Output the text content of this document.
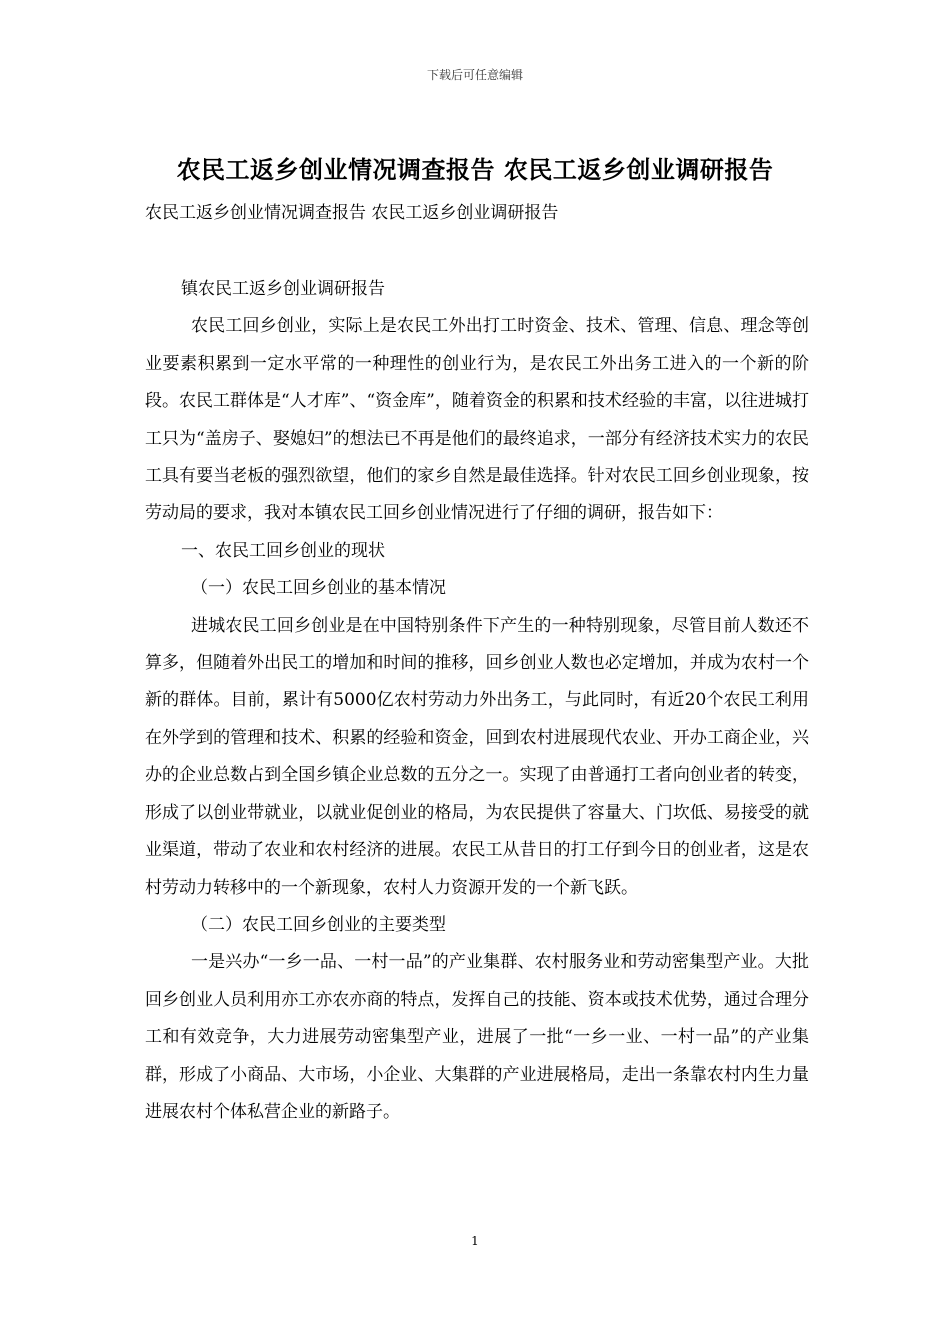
下载后可任意编辑
农民工返乡创业情况调查报告 农民工返乡创业调研报告
农民工返乡创业情况调查报告 农民工返乡创业调研报告

镇农民工返乡创业调研报告

农民工回乡创业，实际上是农民工外出打工时资金、技术、管理、信息、理念等创业要素积累到一定水平常的一种理性的创业行为，是农民工外出务工进入的一个新的阶段。农民工群体是“人才库”、“资金库”，随着资金的积累和技术经验的丰富，以往进城打工只为“盖房子、娶媳妇”的想法已不再是他们的最终追求，一部分有经济技术实力的农民工具有要当老板的强烈欲望，他们的家乡自然是最佳选择。针对农民工回乡创业现象，按劳动局的要求，我对本镇农民工回乡创业情况进行了仔细的调研，报告如下：

一、农民工回乡创业的现状

（一）农民工回乡创业的基本情况

进城农民工回乡创业是在中国特别条件下产生的一种特别现象，尽管目前人数还不算多，但随着外出民工的增加和时间的推移，回乡创业人数也必定增加，并成为农村一个新的群体。目前，累计有5000亿农村劳动力外出务工，与此同时，有近20个农民工利用在外学到的管理和技术、积累的经验和资金，回到农村进展现代农业、开办工商企业，兴办的企业总数占到全国乡镇企业总数的五分之一。实现了由普通打工者向创业者的转变，形成了以创业带就业，以就业促创业的格局，为农民提供了容量大、门坎低、易接受的就业渠道，带动了农业和农村经济的进展。农民工从昔日的打工仔到今日的创业者，这是农村劳动力转移中的一个新现象，农村人力资源开发的一个新飞跃。

（二）农民工回乡创业的主要类型

一是兴办“一乡一品、一村一品”的产业集群、农村服务业和劳动密集型产业。大批回乡创业人员利用亦工亦农亦商的特点，发挥自己的技能、资本或技术优势，通过合理分工和有效竞争，大力进展劳动密集型产业，进展了一批“一乡一业、一村一品”的产业集群，形成了小商品、大市场，小企业、大集群的产业进展格局，走出一条靠农村内生力量进展农村个体私营企业的新路子。

1
